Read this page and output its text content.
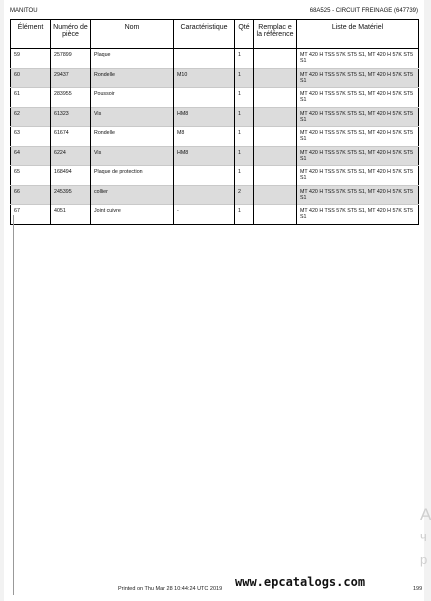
MANITOU	68A525 - CIRCUIT FREINAGE (647739)
Élément	Numéro de pièce	Nom	Caractéristique	Qté	Remplac e la référence	Liste de Matériel
59	257899	Plaque		1		MT 420 H TSS 57K ST5 S1, MT 420 H 57K ST5 S1
60	29437	Rondelle	M10	1		MT 420 H TSS 57K ST5 S1, MT 420 H 57K ST5 S1
61	283955	Poussoir		1		MT 420 H TSS 57K ST5 S1, MT 420 H 57K ST5 S1
62	61323	Vis	HM8	1		MT 420 H TSS 57K ST5 S1, MT 420 H 57K ST5 S1
63	61674	Rondelle	M8	1		MT 420 H TSS 57K ST5 S1, MT 420 H 57K ST5 S1
64	6224	Vis	HM8	1		MT 420 H TSS 57K ST5 S1, MT 420 H 57K ST5 S1
65	168494	Plaque de protection		1		MT 420 H TSS 57K ST5 S1, MT 420 H 57K ST5 S1
66	245395	collier		2		MT 420 H TSS 57K ST5 S1, MT 420 H 57K ST5 S1
67	4051	Joint cuivre	-	1		MT 420 H TSS 57K ST5 S1, MT 420 H 57K ST5 S1
A
ч
р
Printed on Thu Mar 28 10:44:24 UTC 2019 www.epcatalogs.com	199
